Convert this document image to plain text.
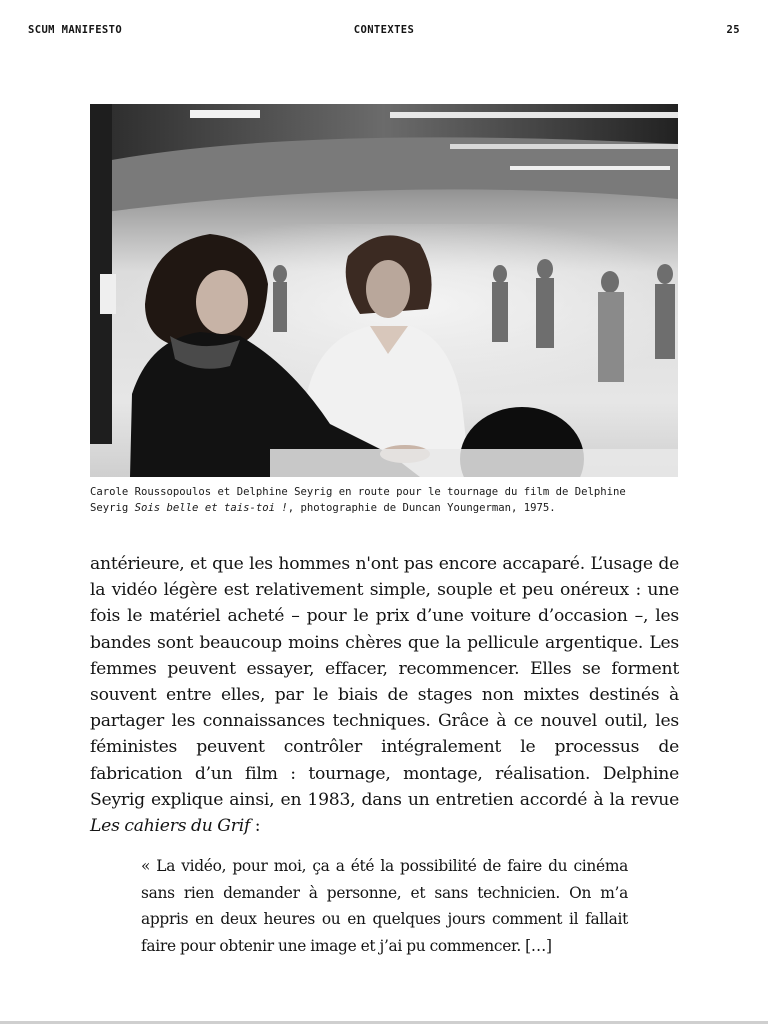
SCUM MANIFESTO	CONTEXTES	25
Carole Roussopoulos et Delphine Seyrig en route pour le tournage du film de Delphine Seyrig Sois belle et tais-toi !, photographie de Duncan Youngerman, 1975.

antérieure, et que les hommes n'ont pas encore accaparé. L’usage de la vidéo légère est relativement simple, souple et peu onéreux : une fois le matériel acheté – pour le prix d’une voiture d’occasion –, les bandes sont beaucoup moins chères que la pellicule argentique. Les femmes peuvent essayer, effacer, recommencer. Elles se forment souvent entre elles, par le biais de stages non mixtes destinés à partager les connaissances techniques. Grâce à ce nouvel outil, les féministes peuvent contrôler intégralement le processus de fabrication d’un film : tournage, montage, réalisation. Delphine Seyrig explique ainsi, en 1983, dans un entretien accordé à la revue Les cahiers du Grif :

« La vidéo, pour moi, ça a été la possibilité de faire du cinéma sans rien demander à personne, et sans technicien. On m’a appris en deux heures ou en quelques jours comment il fallait faire pour obtenir une image et j’ai pu commencer. […]
